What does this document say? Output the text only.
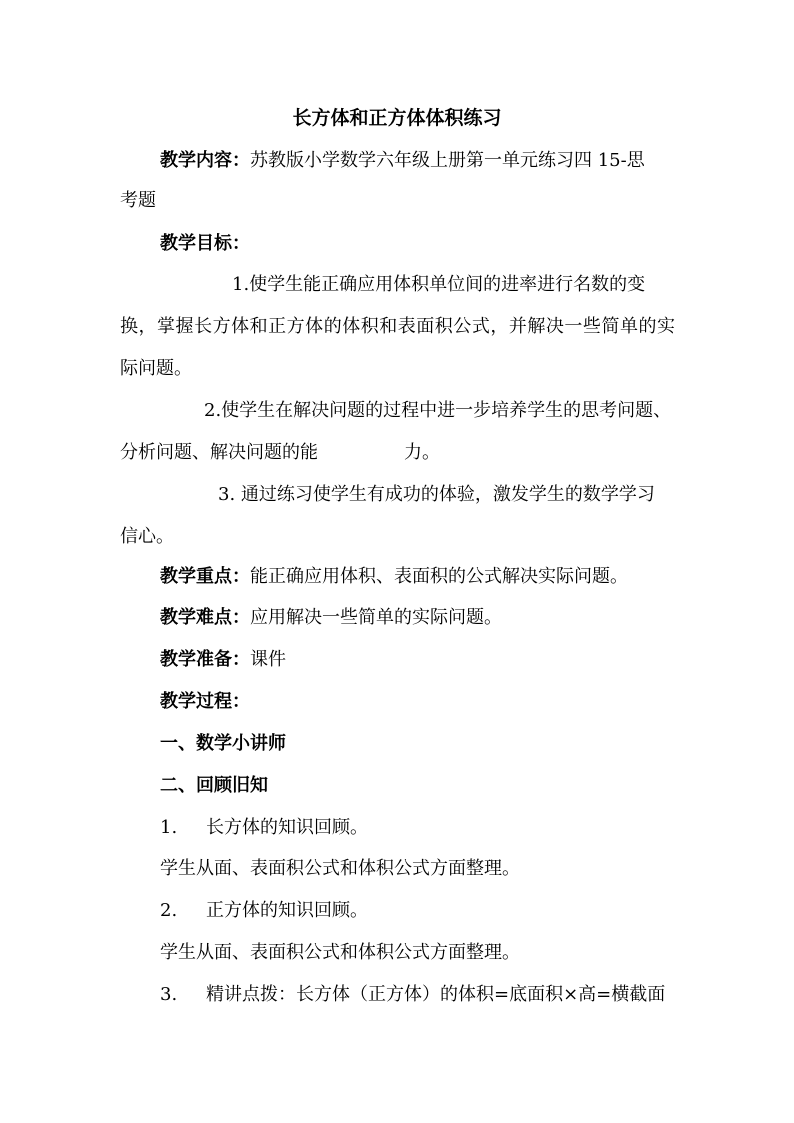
长方体和正方体体积练习
教学内容：苏教版小学数学六年级上册第一单元练习四 15-思
考题
教学目标：
1.使学生能正确应用体积单位间的进率进行名数的变
换，掌握长方体和正方体的体积和表面积公式，并解决一些简单的实
际问题。
2.使学生在解决问题的过程中进一步培养学生的思考问题、
分析问题、解决问题的能	力。
3. 通过练习使学生有成功的体验，激发学生的数学学习
信心。
教学重点：能正确应用体积、表面积的公式解决实际问题。
教学难点：应用解决一些简单的实际问题。
教学准备：课件
教学过程：
一、数学小讲师
二、回顾旧知
1. 长方体的知识回顾。
学生从面、表面积公式和体积公式方面整理。
2. 正方体的知识回顾。
学生从面、表面积公式和体积公式方面整理。
3. 精讲点拨：长方体（正方体）的体积=底面积×高=横截面
